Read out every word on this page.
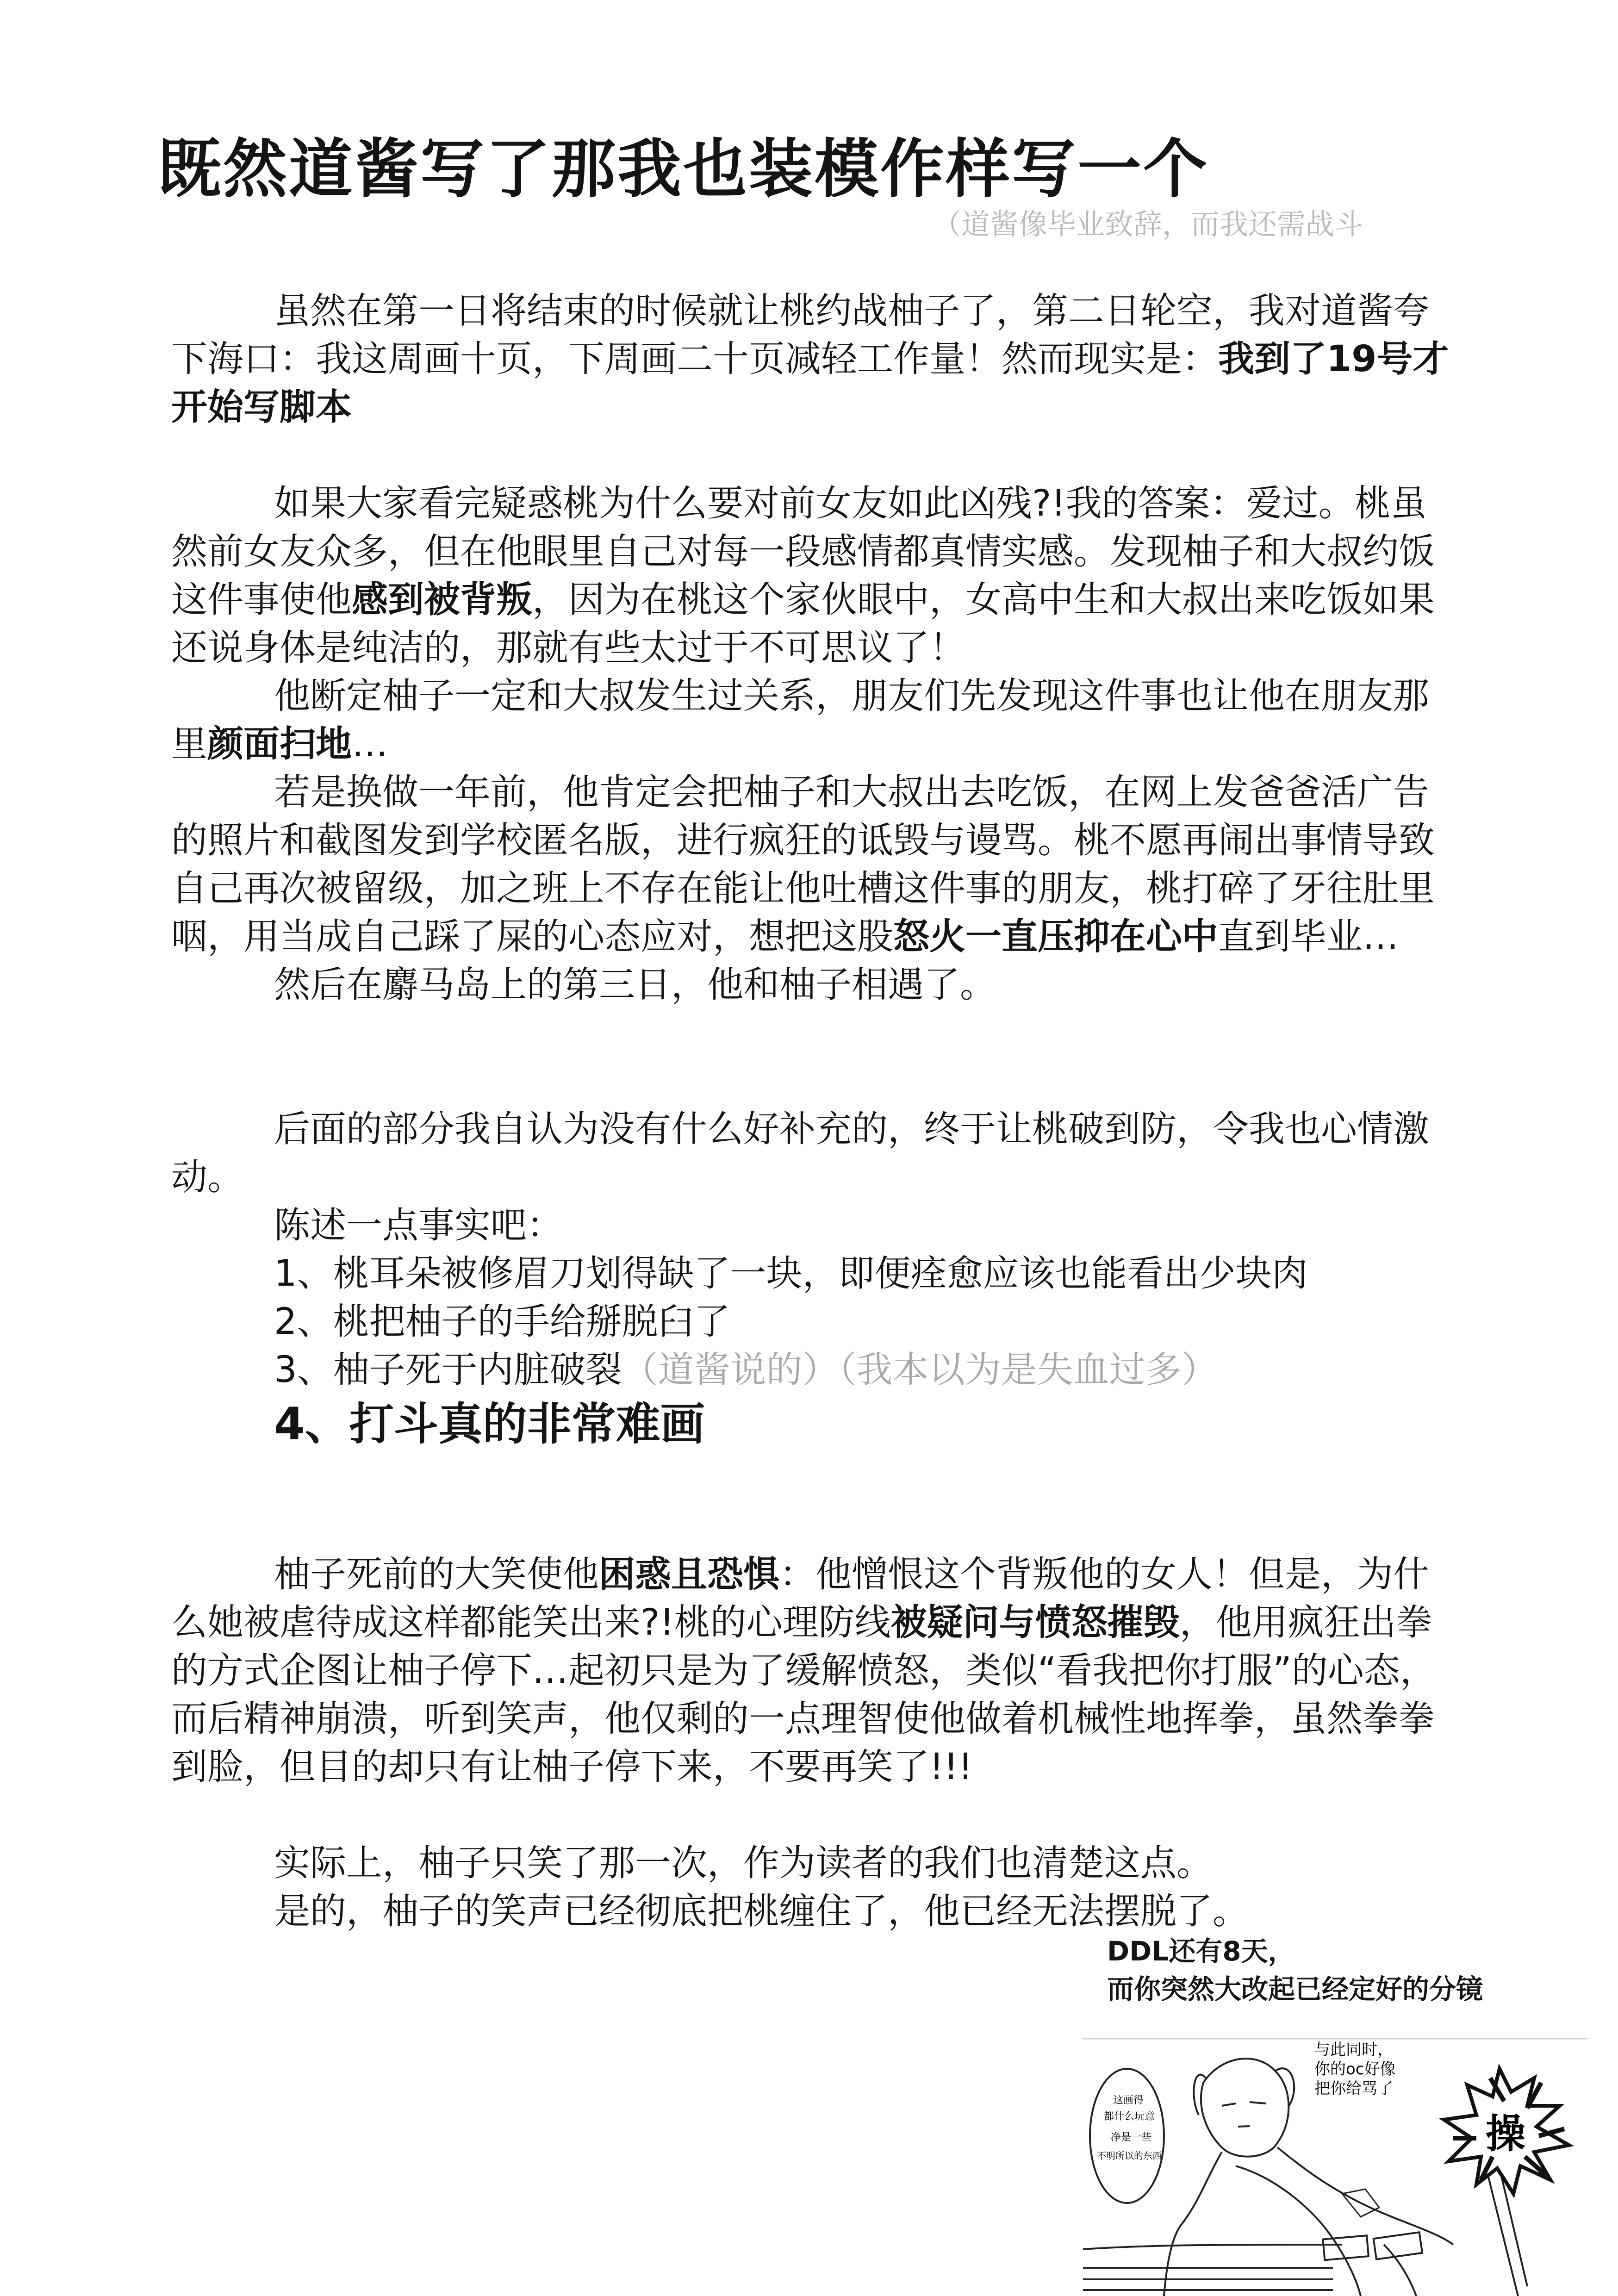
既然道酱写了那我也装模作样写一个
（道酱像毕业致辞，而我还需战斗

虽然在第一日将结束的时候就让桃约战柚子了，第二日轮空，我对道酱夸下海口：我这周画十页，下周画二十页减轻工作量！然而现实是：我到了19号才开始写脚本

如果大家看完疑惑桃为什么要对前女友如此凶残?!我的答案：爱过。桃虽然前女友众多，但在他眼里自己对每一段感情都真情实感。发现柚子和大叔约饭这件事使他感到被背叛，因为在桃这个家伙眼中，女高中生和大叔出来吃饭如果还说身体是纯洁的，那就有些太过于不可思议了！

他断定柚子一定和大叔发生过关系，朋友们先发现这件事也让他在朋友那里颜面扫地…

若是换做一年前，他肯定会把柚子和大叔出去吃饭，在网上发爸爸活广告的照片和截图发到学校匿名版，进行疯狂的诋毁与谩骂。桃不愿再闹出事情导致自己再次被留级，加之班上不存在能让他吐槽这件事的朋友，桃打碎了牙往肚里咽，用当成自己踩了屎的心态应对，想把这股怒火一直压抑在心中直到毕业…

然后在麝马岛上的第三日，他和柚子相遇了。

后面的部分我自认为没有什么好补充的，终于让桃破到防，令我也心情激动。

陈述一点事实吧：

1、桃耳朵被修眉刀划得缺了一块，即便痊愈应该也能看出少块肉

2、桃把柚子的手给掰脱臼了

3、柚子死于内脏破裂（道酱说的）（我本以为是失血过多）

4、打斗真的非常难画

柚子死前的大笑使他困惑且恐惧：他憎恨这个背叛他的女人！但是，为什么她被虐待成这样都能笑出来?!桃的心理防线被疑问与愤怒摧毁，他用疯狂出拳的方式企图让柚子停下…起初只是为了缓解愤怒，类似“看我把你打服”的心态，而后精神崩溃，听到笑声，他仅剩的一点理智使他做着机械性地挥拳，虽然拳拳到脸，但目的却只有让柚子停下来，不要再笑了!!!

实际上，柚子只笑了那一次，作为读者的我们也清楚这点。

是的，柚子的笑声已经彻底把桃缠住了，他已经无法摆脱了。

DDL还有8天，
而你突然大改起已经定好的分镜
这画得
都什么玩意
净是一些
不明所以的东西
与此同时，
你的oc好像
把你给骂了
操
